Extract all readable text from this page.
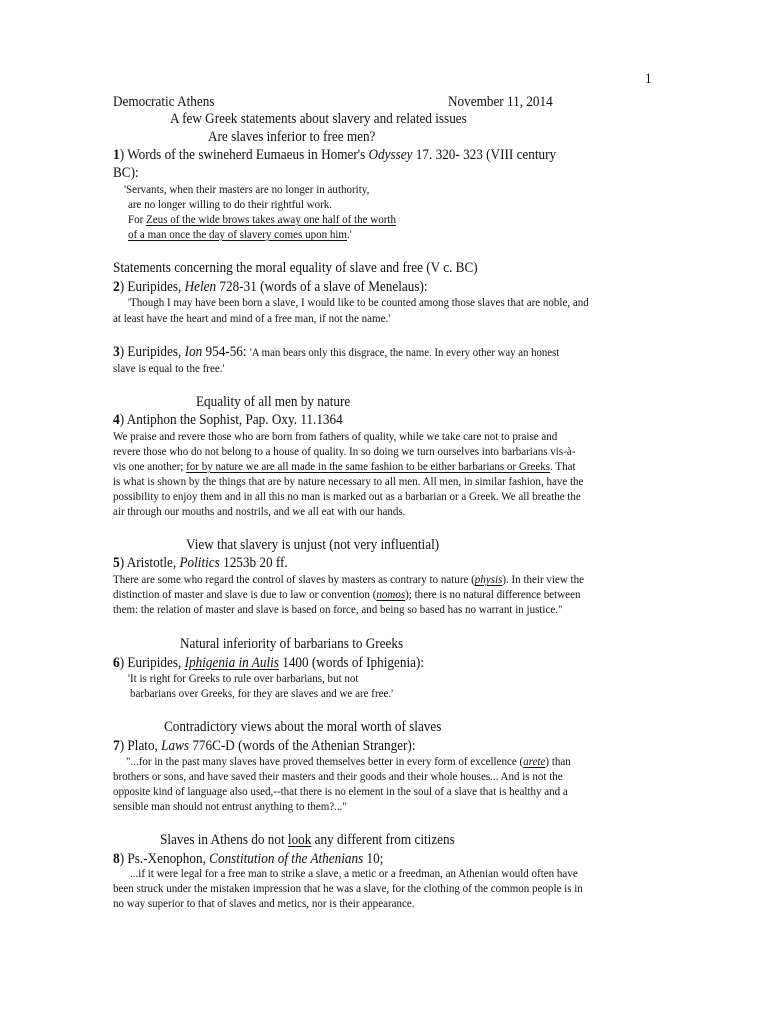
1
Democratic Athens	November 11, 2014
A few Greek statements about slavery and related issues
Are slaves inferior to free men?
1) Words of the swineherd Eumaeus in Homer's Odyssey 17. 320- 323 (VIII century
BC):
'Servants, when their masters are no longer in authority,
are no longer willing to do their rightful work.
For Zeus of the wide brows takes away one half of the worth
of a man once the day of slavery comes upon him.'
Statements concerning the moral equality of slave and free (V c. BC)
2) Euripides, Helen 728-31 (words of a slave of Menelaus):
'Though I may have been born a slave, I would like to be counted among those slaves that are noble, and
at least have the heart and mind of a free man, if not the name.'
3) Euripides, Ion 954-56: 'A man bears only this disgrace, the name. In every other way an honest
slave is equal to the free.'
Equality of all men by nature
4) Antiphon the Sophist, Pap. Oxy. 11.1364
We praise and revere those who are born from fathers of quality, while we take care not to praise and
revere those who do not belong to a house of quality. In so doing we turn ourselves into barbarians vis-à-
vis one another; for by nature we are all made in the same fashion to be either barbarians or Greeks. That
is what is shown by the things that are by nature necessary to all men. All men, in similar fashion, have the
possibility to enjoy them and in all this no man is marked out as a barbarian or a Greek. We all breathe the
air through our mouths and nostrils, and we all eat with our hands.
View that slavery is unjust (not very influential)
5) Aristotle, Politics 1253b 20 ff.
There are some who regard the control of slaves by masters as contrary to nature (physis). In their view the
distinction of master and slave is due to law or convention (nomos); there is no natural difference between
them: the relation of master and slave is based on force, and being so based has no warrant in justice."
Natural inferiority of barbarians to Greeks
6) Euripides, Iphigenia in Aulis 1400 (words of Iphigenia):
'It is right for Greeks to rule over barbarians, but not
barbarians over Greeks, for they are slaves and we are free.'
Contradictory views about the moral worth of slaves
7) Plato, Laws 776C-D (words of the Athenian Stranger):
"...for in the past many slaves have proved themselves better in every form of excellence (arete) than
brothers or sons, and have saved their masters and their goods and their whole houses... And is not the
opposite kind of language also used,--that there is no element in the soul of a slave that is healthy and a
sensible man should not entrust anything to them?..."
Slaves in Athens do not look any different from citizens
8) Ps.-Xenophon, Constitution of the Athenians 10;
...if it were legal for a free man to strike a slave, a metic or a freedman, an Athenian would often have
been struck under the mistaken impression that he was a slave, for the clothing of the common people is in
no way superior to that of slaves and metics, nor is their appearance.
